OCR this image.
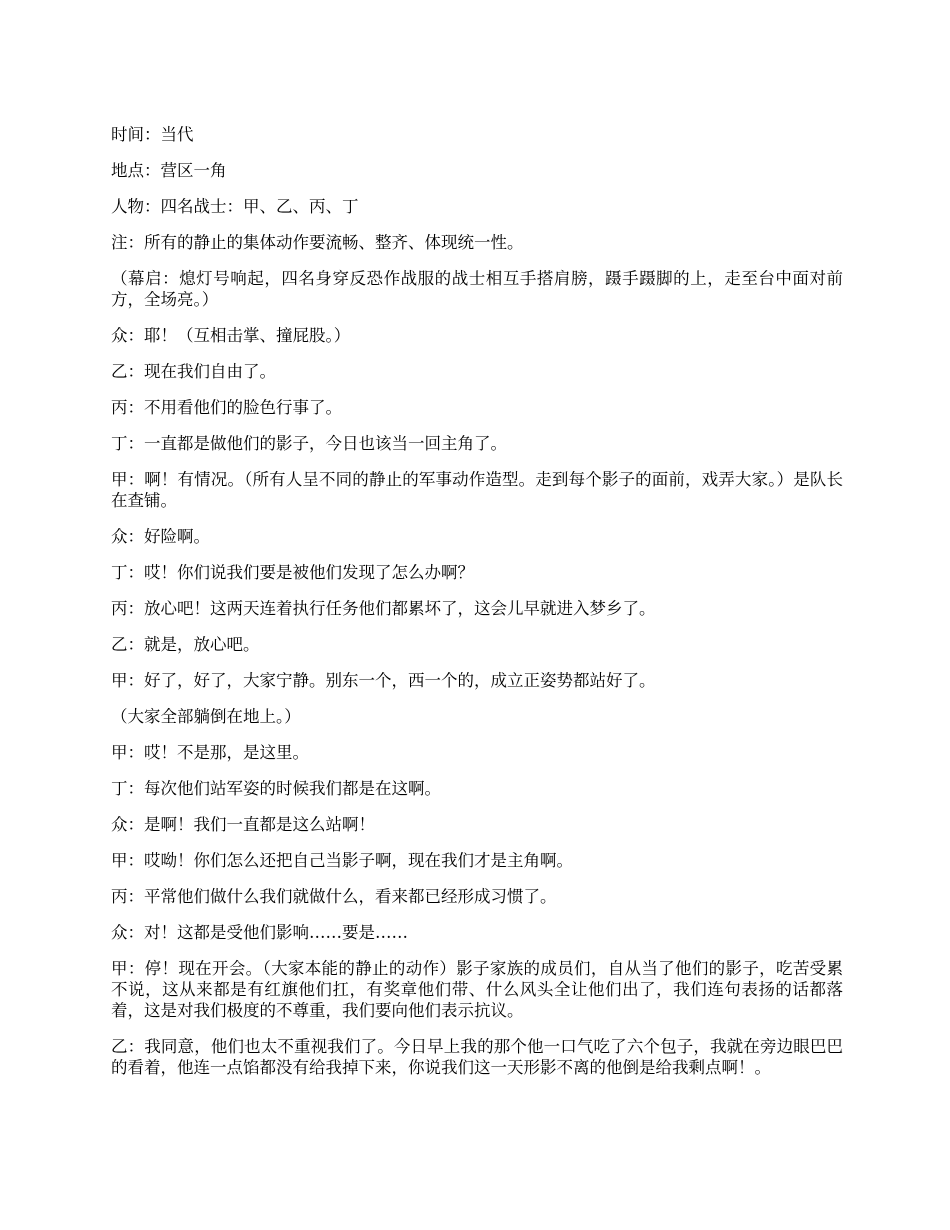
时间：当代

地点：营区一角

人物：四名战士：甲、乙、丙、丁

注：所有的静止的集体动作要流畅、整齐、体现统一性。

（幕启：熄灯号响起，四名身穿反恐作战服的战士相互手搭肩膀，蹑手蹑脚的上，走至台中面对前方，全场亮。）

众：耶！（互相击掌、撞屁股。）

乙：现在我们自由了。

丙：不用看他们的脸色行事了。

丁：一直都是做他们的影子，今日也该当一回主角了。

甲：啊！有情况。（所有人呈不同的静止的军事动作造型。走到每个影子的面前，戏弄大家。）是队长在查铺。

众：好险啊。

丁：哎！你们说我们要是被他们发现了怎么办啊？

丙：放心吧！这两天连着执行任务他们都累坏了，这会儿早就进入梦乡了。

乙：就是，放心吧。

甲：好了，好了，大家宁静。别东一个，西一个的，成立正姿势都站好了。

（大家全部躺倒在地上。）

甲：哎！不是那，是这里。

丁：每次他们站军姿的时候我们都是在这啊。

众：是啊！我们一直都是这么站啊！

甲：哎呦！你们怎么还把自己当影子啊，现在我们才是主角啊。

丙：平常他们做什么我们就做什么，看来都已经形成习惯了。

众：对！这都是受他们影响……要是……

甲：停！现在开会。（大家本能的静止的动作）影子家族的成员们，自从当了他们的影子，吃苦受累不说，这从来都是有红旗他们扛，有奖章他们带、什么风头全让他们出了，我们连句表扬的话都落着，这是对我们极度的不尊重，我们要向他们表示抗议。

乙：我同意，他们也太不重视我们了。今日早上我的那个他一口气吃了六个包子，我就在旁边眼巴巴的看着，他连一点馅都没有给我掉下来，你说我们这一天形影不离的他倒是给我剩点啊！。
